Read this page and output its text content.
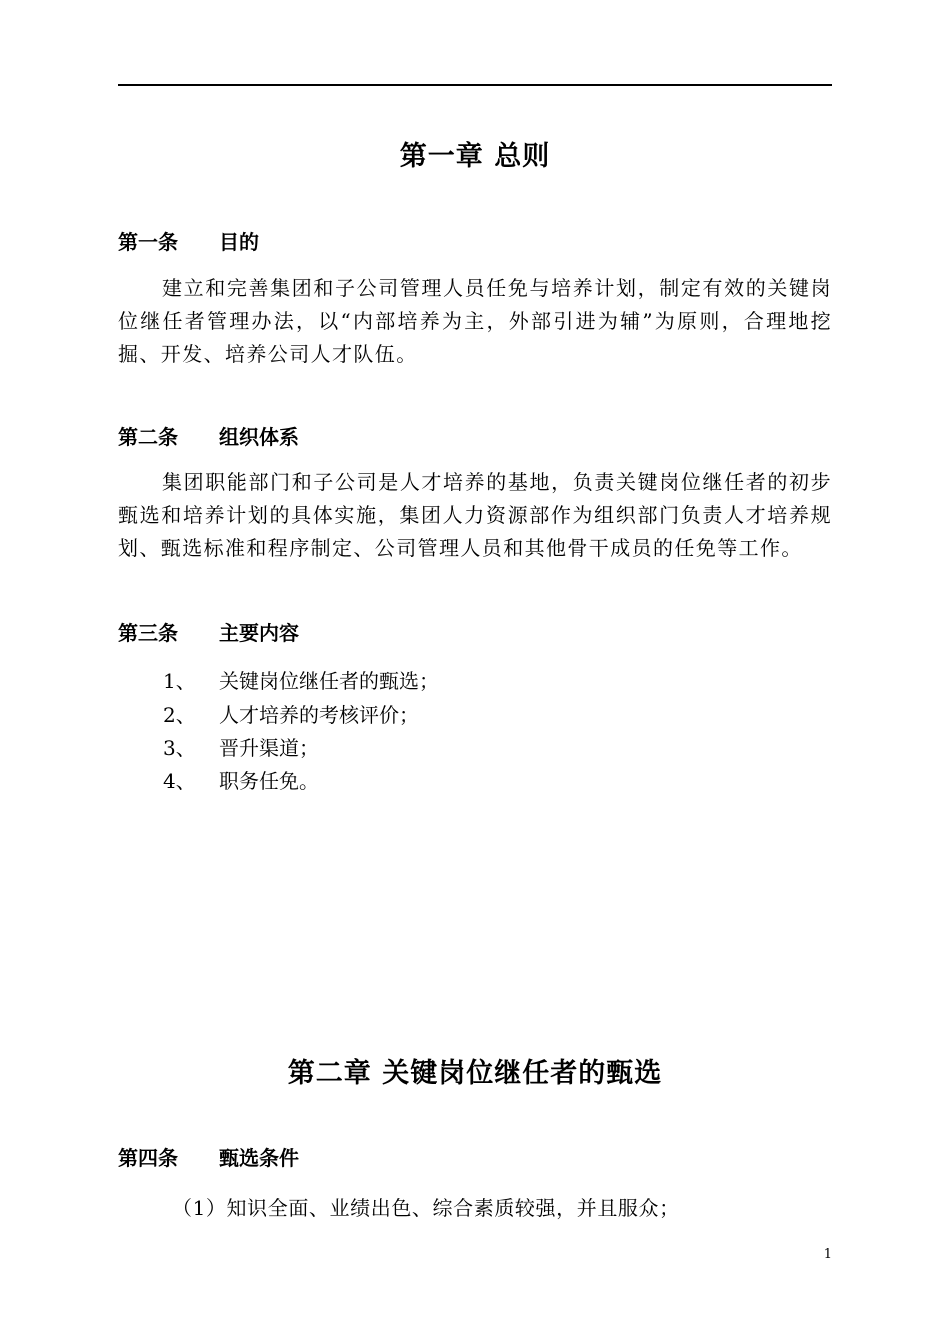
第一章 总则
第一条 目的
建立和完善集团和子公司管理人员任免与培养计划，制定有效的关键岗位继任者管理办法，以“内部培养为主，外部引进为辅”为原则，合理地挖掘、开发、培养公司人才队伍。
第二条 组织体系
集团职能部门和子公司是人才培养的基地，负责关键岗位继任者的初步甄选和培养计划的具体实施，集团人力资源部作为组织部门负责人才培养规划、甄选标准和程序制定、公司管理人员和其他骨干成员的任免等工作。
第三条 主要内容
1、 关键岗位继任者的甄选；
2、 人才培养的考核评价；
3、 晋升渠道；
4、 职务任免。
第二章 关键岗位继任者的甄选
第四条 甄选条件
（1）知识全面、业绩出色、综合素质较强，并且服众；
1
